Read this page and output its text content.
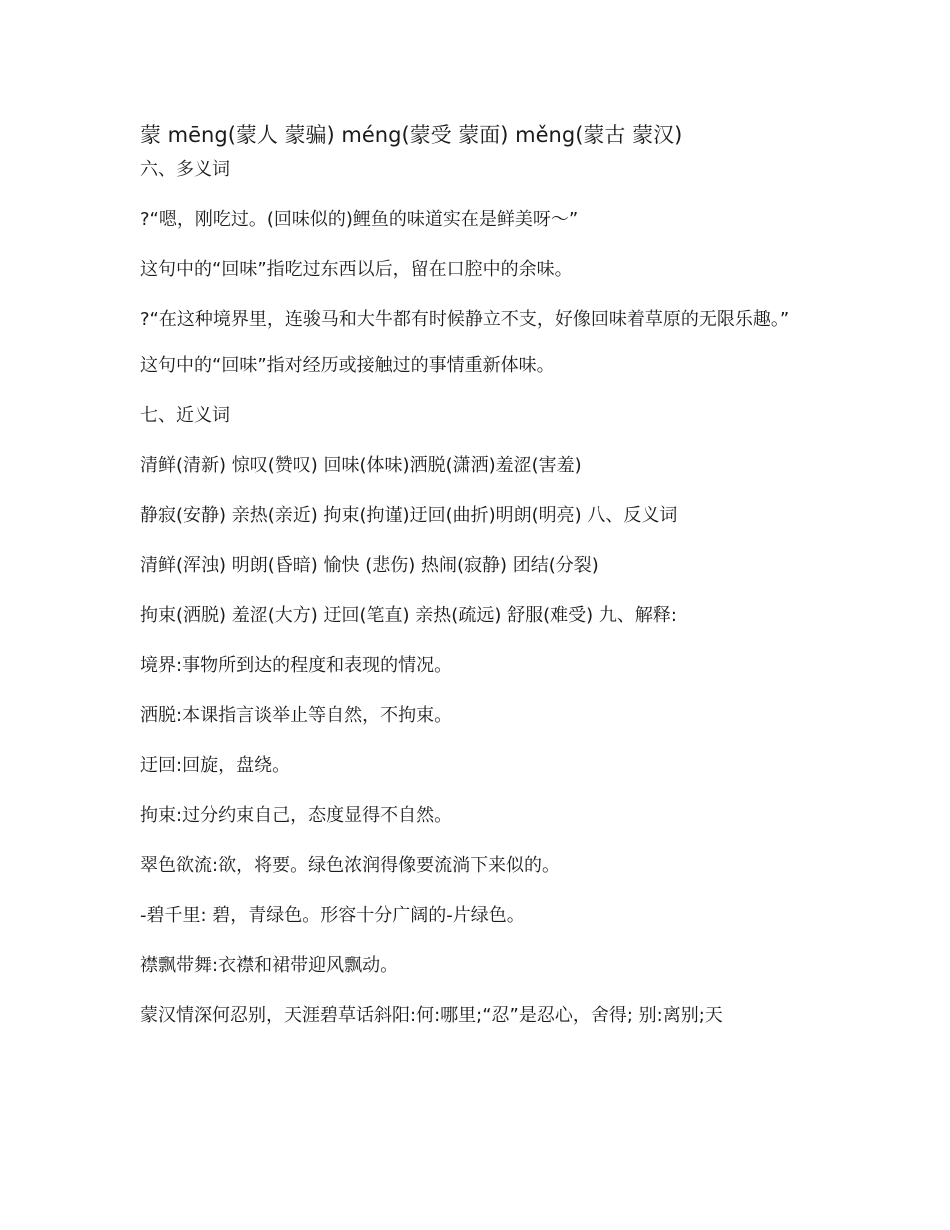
蒙 mēng(蒙人 蒙骗) méng(蒙受 蒙面) měng(蒙古 蒙汉)
六、多义词
?“嗯，刚吃过。(回味似的)鲤鱼的味道实在是鲜美呀～”
这句中的“回味”指吃过东西以后，留在口腔中的余味。
?“在这种境界里，连骏马和大牛都有时候静立不支，好像回味着草原的无限乐趣。”
这句中的“回味”指对经历或接触过的事情重新体味。
七、近义词
清鲜(清新) 惊叹(赞叹) 回味(体味)洒脱(潇洒)羞涩(害羞)
静寂(安静) 亲热(亲近) 拘束(拘谨)迂回(曲折)明朗(明亮) 八、反义词
清鲜(浑浊) 明朗(昏暗) 愉快 (悲伤) 热闹(寂静) 团结(分裂)
拘束(洒脱) 羞涩(大方) 迂回(笔直) 亲热(疏远) 舒服(难受) 九、解释:
境界:事物所到达的程度和表现的情况。
洒脱:本课指言谈举止等自然，不拘束。
迂回:回旋，盘绕。
拘束:过分约束自己，态度显得不自然。
翠色欲流:欲，将要。绿色浓润得像要流淌下来似的。
-碧千里: 碧，青绿色。形容十分广阔的-片绿色。
襟飘带舞:衣襟和裙带迎风飘动。
蒙汉情深何忍别，天涯碧草话斜阳:何:哪里;“忍”是忍心，舍得; 别:离别;天
